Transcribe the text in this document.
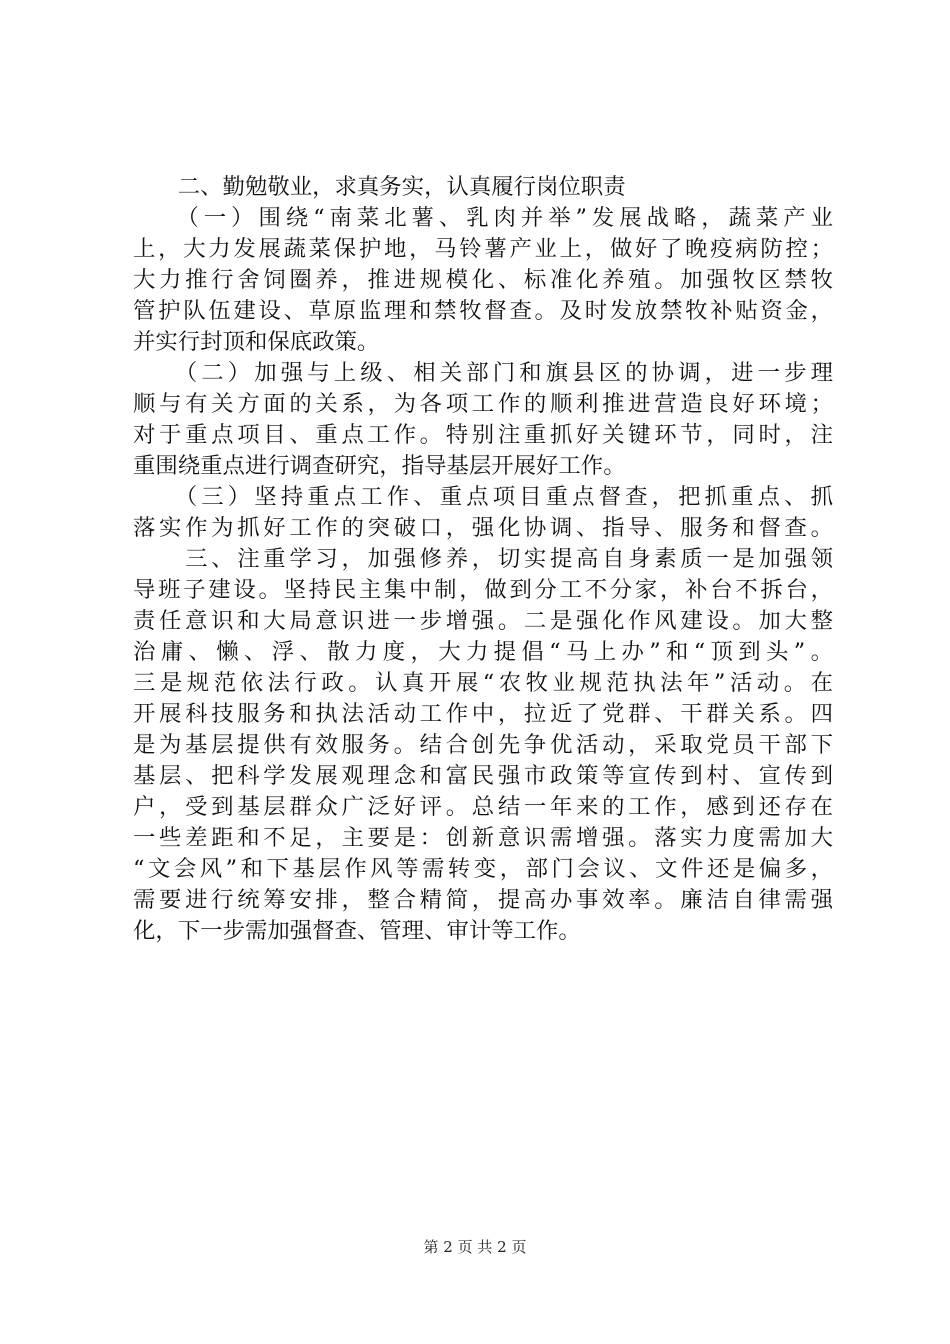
　　二、勤勉敬业，求真务实，认真履行岗位职责
　　（一）围绕“南菜北薯、乳肉并举”发展战略，蔬菜产业
上，大力发展蔬菜保护地，马铃薯产业上，做好了晚疫病防控；
大力推行舍饲圈养，推进规模化、标准化养殖。加强牧区禁牧
管护队伍建设、草原监理和禁牧督查。及时发放禁牧补贴资金，
并实行封顶和保底政策。
　　（二）加强与上级、相关部门和旗县区的协调，进一步理
顺与有关方面的关系，为各项工作的顺利推进营造良好环境；
对于重点项目、重点工作。特别注重抓好关键环节，同时，注
重围绕重点进行调查研究，指导基层开展好工作。
　　（三）坚持重点工作、重点项目重点督查，把抓重点、抓
落实作为抓好工作的突破口，强化协调、指导、服务和督查。
　　三、注重学习，加强修养，切实提高自身素质一是加强领
导班子建设。坚持民主集中制，做到分工不分家，补台不拆台，
责任意识和大局意识进一步增强。二是强化作风建设。加大整
治庸、懒、浮、散力度，大力提倡“马上办”和“顶到头”。
三是规范依法行政。认真开展“农牧业规范执法年”活动。在
开展科技服务和执法活动工作中，拉近了党群、干群关系。四
是为基层提供有效服务。结合创先争优活动，采取党员干部下
基层、把科学发展观理念和富民强市政策等宣传到村、宣传到
户，受到基层群众广泛好评。总结一年来的工作，感到还存在
一些差距和不足，主要是：创新意识需增强。落实力度需加大
“文会风”和下基层作风等需转变，部门会议、文件还是偏多，
需要进行统筹安排，整合精简，提高办事效率。廉洁自律需强
化，下一步需加强督查、管理、审计等工作。
第 2 页 共 2 页
